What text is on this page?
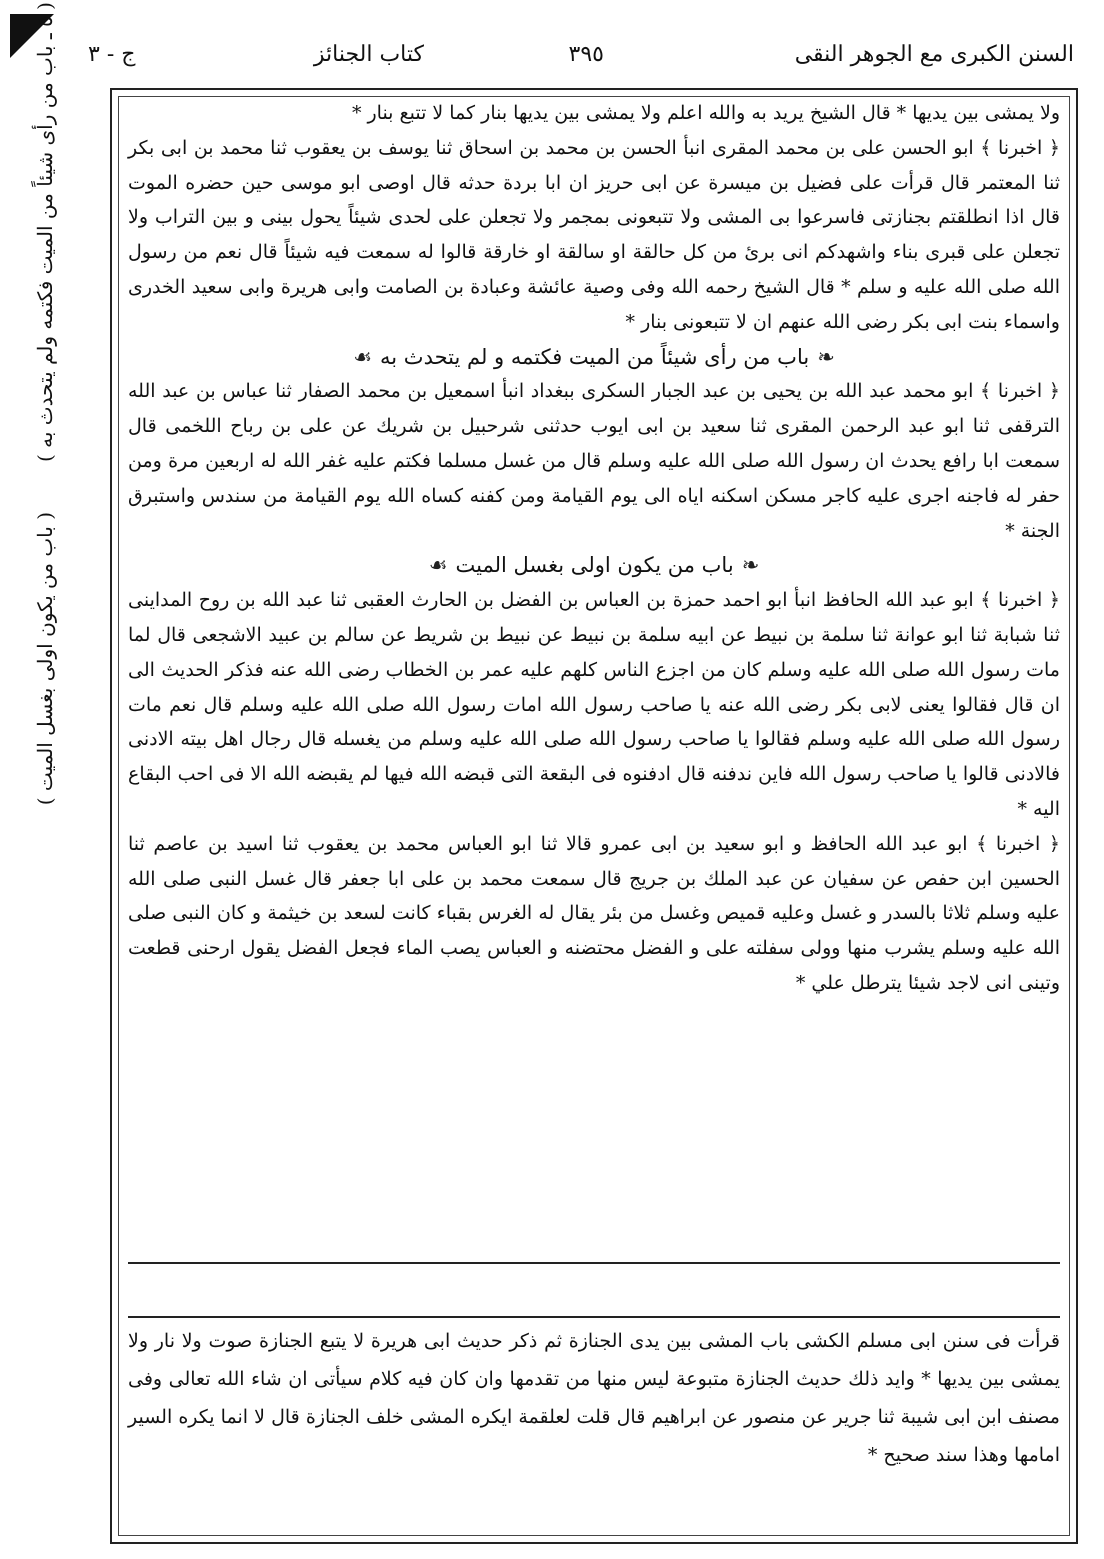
السنن الكبرى مع الجوهر النقى
٣٩٥
كتاب الجنائز
ج - ٣
( ٥ ـ باب من رأى شيئاً من الميت فكتمه ولم يتحدث به )
( باب من يكون اولى بغسل الميت )

ولا يمشى بين يديها * قال الشيخ يريد به والله اعلم ولا يمشى بين يديها بنار كما لا تتبع بنار *

﴿ اخبرنا ﴾ ابو الحسن على بن محمد المقرى انبأ الحسن بن محمد بن اسحاق ثنا يوسف بن يعقوب ثنا محمد بن ابى بكر ثنا المعتمر قال قرأت على فضيل بن ميسرة عن ابى حريز ان ابا بردة حدثه قال اوصى ابو موسى حين حضره الموت قال اذا انطلقتم بجنازتى فاسرعوا بى المشى ولا تتبعونى بمجمر ولا تجعلن على لحدى شيئاً يحول بينى و بين التراب ولا تجعلن على قبرى بناء واشهدكم انى برئ من كل حالقة او سالقة او خارقة قالوا له سمعت فيه شيئاً قال نعم من رسول الله صلى الله عليه و سلم * قال الشيخ رحمه الله وفى وصية عائشة وعبادة بن الصامت وابى هريرة وابى سعيد الخدرى واسماء بنت ابى بكر رضى الله عنهم ان لا تتبعونى بنار *

❧باب من رأى شيئاً من الميت فكتمه و لم يتحدث به☙

﴿ اخبرنا ﴾ ابو محمد عبد الله بن يحيى بن عبد الجبار السكرى ببغداد انبأ اسمعيل بن محمد الصفار ثنا عباس بن عبد الله الترقفى ثنا ابو عبد الرحمن المقرى ثنا سعيد بن ابى ايوب حدثنى شرحبيل بن شريك عن على بن رباح اللخمى قال سمعت ابا رافع يحدث ان رسول الله صلى الله عليه وسلم قال من غسل مسلما فكتم عليه غفر الله له اربعين مرة ومن حفر له فاجنه اجرى عليه كاجر مسكن اسكنه اياه الى يوم القيامة ومن كفنه كساه الله يوم القيامة من سندس واستبرق الجنة *

❧باب من يكون اولى بغسل الميت☙

﴿ اخبرنا ﴾ ابو عبد الله الحافظ انبأ ابو احمد حمزة بن العباس بن الفضل بن الحارث العقبى ثنا عبد الله بن روح المداينى ثنا شبابة ثنا ابو عوانة ثنا سلمة بن نبيط عن ابيه سلمة بن نبيط عن نبيط بن شريط عن سالم بن عبيد الاشجعى قال لما مات رسول الله صلى الله عليه وسلم كان من اجزع الناس كلهم عليه عمر بن الخطاب رضى الله عنه فذكر الحديث الى ان قال فقالوا يعنى لابى بكر رضى الله عنه يا صاحب رسول الله امات رسول الله صلى الله عليه وسلم قال نعم مات رسول الله صلى الله عليه وسلم فقالوا يا صاحب رسول الله صلى الله عليه وسلم من يغسله قال رجال اهل بيته الادنى فالادنى قالوا يا صاحب رسول الله فاين ندفنه قال ادفنوه فى البقعة التى قبضه الله فيها لم يقبضه الله الا فى احب البقاع اليه *

﴿ اخبرنا ﴾ ابو عبد الله الحافظ و ابو سعيد بن ابى عمرو قالا ثنا ابو العباس محمد بن يعقوب ثنا اسيد بن عاصم ثنا الحسين ابن حفص عن سفيان عن عبد الملك بن جريج قال سمعت محمد بن على ابا جعفر قال غسل النبى صلى الله عليه وسلم ثلاثا بالسدر و غسل وعليه قميص وغسل من بئر يقال له الغرس بقباء كانت لسعد بن خيثمة و كان النبى صلى الله عليه وسلم يشرب منها وولى سفلته على و الفضل محتضنه و العباس يصب الماء فجعل الفضل يقول ارحنى قطعت وتينى انى لاجد شيئا يترطل علي *

قرأت فى سنن ابى مسلم الكشى باب المشى بين يدى الجنازة ثم ذكر حديث ابى هريرة لا يتبع الجنازة صوت ولا نار ولا يمشى بين يديها * وايد ذلك حديث الجنازة متبوعة ليس منها من تقدمها وان كان فيه كلام سيأتى ان شاء الله تعالى وفى مصنف ابن ابى شيبة ثنا جرير عن منصور عن ابراهيم قال قلت لعلقمة ايكره المشى خلف الجنازة قال لا انما يكره السير امامها وهذا سند صحيح *
